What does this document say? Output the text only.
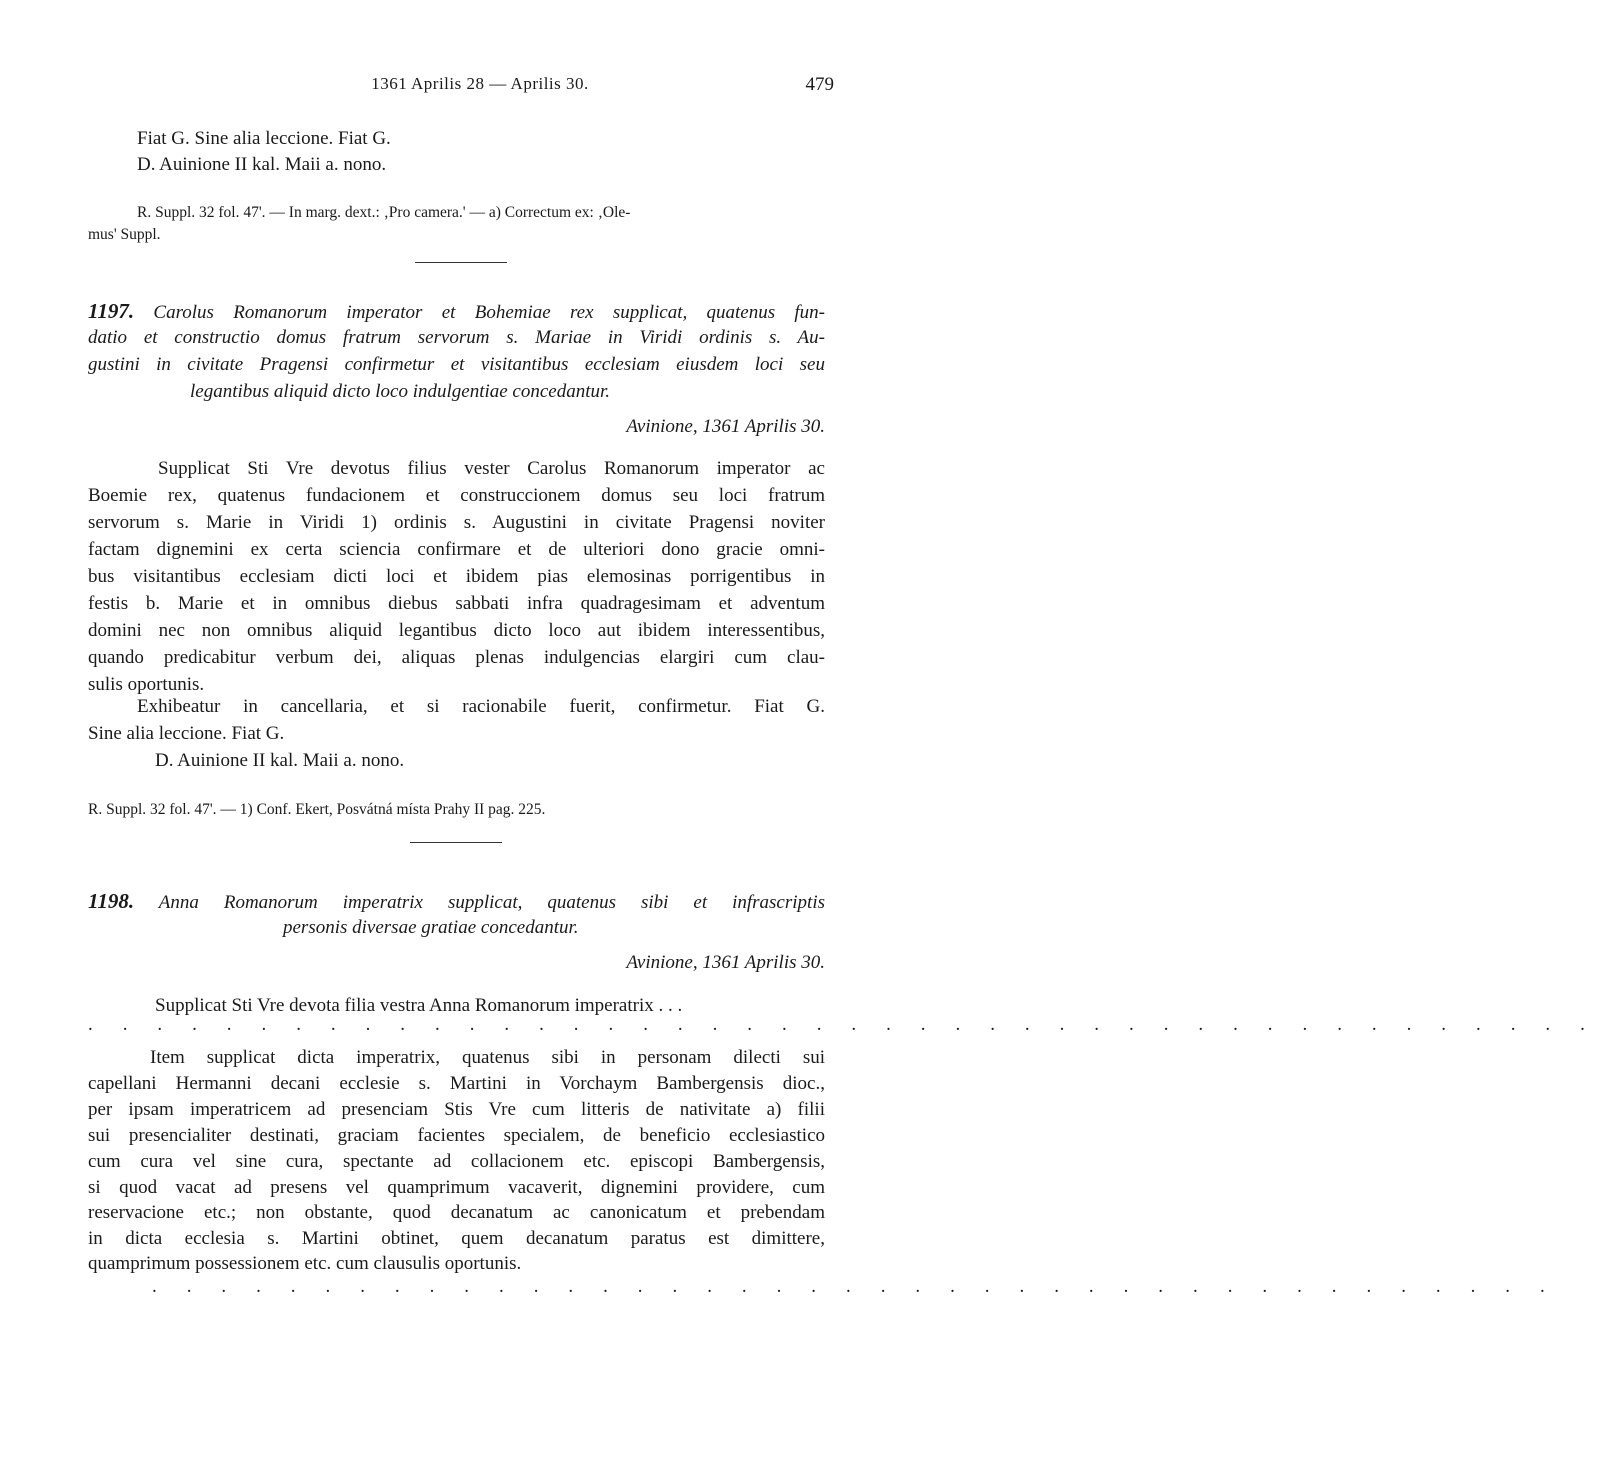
1361 Aprilis 28 — Aprilis 30.	479
Fiat G. Sine alia leccione. Fiat G.
D. Auinione II kal. Maii a. nono.
R. Suppl. 32 fol. 47'. — In marg. dext.: ‚Pro camera.' — a) Correctum ex: ‚Ole-
mus' Suppl.
1197. Carolus Romanorum imperator et Bohemiae rex supplicat, quatenus fun-
datio et constructio domus fratrum servorum s. Mariae in Viridi ordinis s. Au-
gustini in civitate Pragensi confirmetur et visitantibus ecclesiam eiusdem loci seu
legantibus aliquid dicto loco indulgentiae concedantur.
Avinione, 1361 Aprilis 30.
Supplicat Sti Vre devotus filius vester Carolus Romanorum imperator ac
Boemie rex, quatenus fundacionem et construccionem domus seu loci fratrum
servorum s. Marie in Viridi 1) ordinis s. Augustini in civitate Pragensi noviter
factam dignemini ex certa sciencia confirmare et de ulteriori dono gracie omni-
bus visitantibus ecclesiam dicti loci et ibidem pias elemosinas porrigentibus in
festis b. Marie et in omnibus diebus sabbati infra quadragesimam et adventum
domini nec non omnibus aliquid legantibus dicto loco aut ibidem interessentibus,
quando predicabitur verbum dei, aliquas plenas indulgencias elargiri cum clau-
sulis oportunis.
Exhibeatur in cancellaria, et si racionabile fuerit, confirmetur. Fiat G.
Sine alia leccione. Fiat G.
D. Auinione II kal. Maii a. nono.
R. Suppl. 32 fol. 47'. — 1) Conf. Ekert, Posvátná místa Prahy II pag. 225.
1198. Anna Romanorum imperatrix supplicat, quatenus sibi et infrascriptis
personis diversae gratiae concedantur.
Avinione, 1361 Aprilis 30.
Supplicat Sti Vre devota filia vestra Anna Romanorum imperatrix . . .
. . . . . . . . . . . . . . . . . . . . . . . . . . . . . . . . . . . . . . . . . . . .
Item supplicat dicta imperatrix, quatenus sibi in personam dilecti sui
capellani Hermanni decani ecclesie s. Martini in Vorchaym Bambergensis dioc.,
per ipsam imperatricem ad presenciam Stis Vre cum litteris de nativitate a) filii
sui presencialiter destinati, graciam facientes specialem, de beneficio ecclesiastico
cum cura vel sine cura, spectante ad collacionem etc. episcopi Bambergensis,
si quod vacat ad presens vel quamprimum vacaverit, dignemini providere, cum
reservacione etc.; non obstante, quod decanatum ac canonicatum et prebendam
in dicta ecclesia s. Martini obtinet, quem decanatum paratus est dimittere,
quamprimum possessionem etc. cum clausulis oportunis.
. . . . . . . . . . . . . . . . . . . . . . . . . . . . . . . . . . . . . . . . .
